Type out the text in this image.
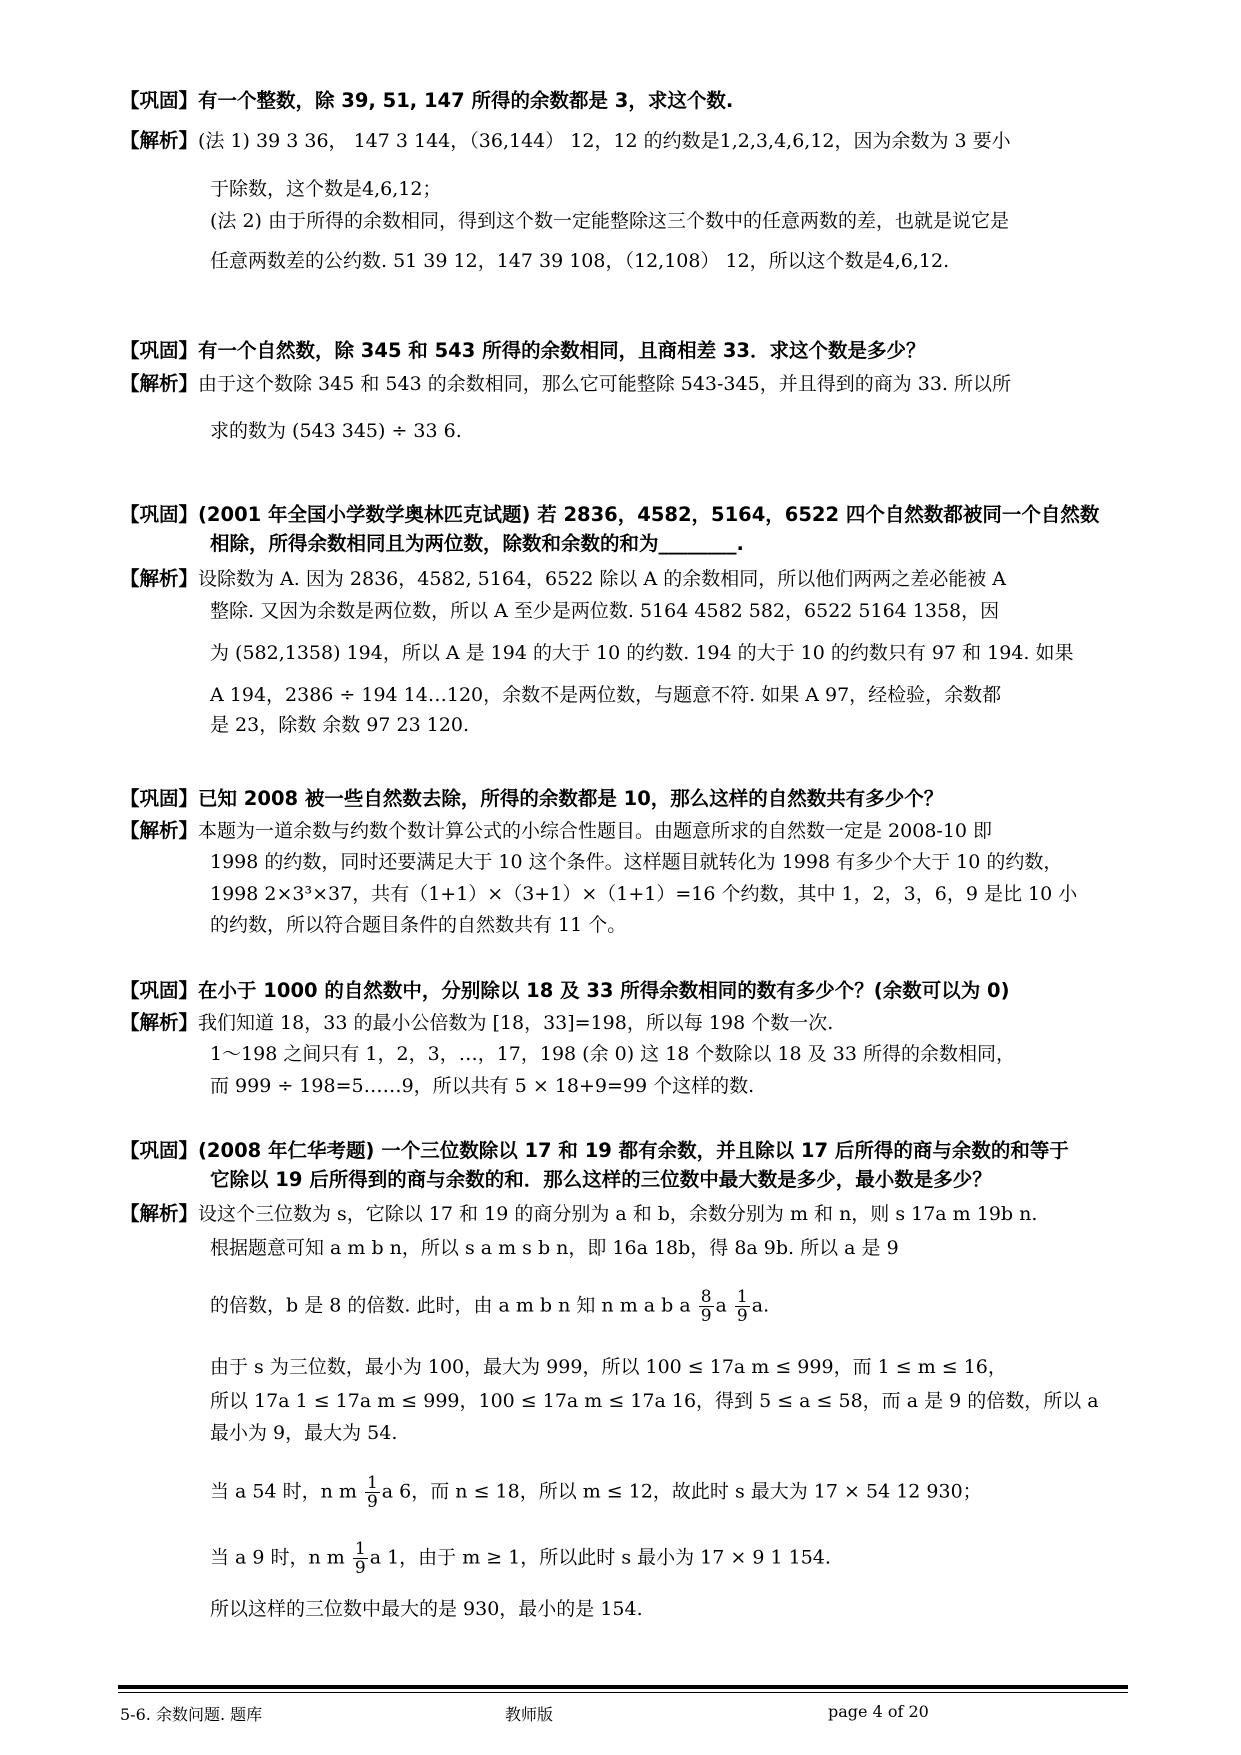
【巩固】有一个整数，除 39, 51, 147 所得的余数都是 3，求这个数.
【解析】(法 1) 39 3 36， 147 3 144，（36,144） 12，12 的约数是1,2,3,4,6,12，因为余数为 3 要小
于除数，这个数是4,6,12；
(法 2) 由于所得的余数相同，得到这个数一定能整除这三个数中的任意两数的差，也就是说它是
任意两数差的公约数. 51 39 12，147 39 108，（12,108） 12，所以这个数是4,6,12.
【巩固】有一个自然数，除 345 和 543 所得的余数相同，且商相差 33．求这个数是多少？
【解析】由于这个数除 345 和 543 的余数相同，那么它可能整除 543-345，并且得到的商为 33. 所以所
求的数为 (543 345) ÷ 33 6.
【巩固】(2001 年全国小学数学奥林匹克试题) 若 2836，4582，5164，6522 四个自然数都被同一个自然数
相除，所得余数相同且为两位数，除数和余数的和为________.
【解析】设除数为 A. 因为 2836，4582, 5164，6522 除以 A 的余数相同，所以他们两两之差必能被 A
整除. 又因为余数是两位数，所以 A 至少是两位数. 5164 4582 582，6522 5164 1358，因
为 (582,1358) 194，所以 A 是 194 的大于 10 的约数. 194 的大于 10 的约数只有 97 和 194. 如果
A 194，2386 ÷ 194 14…120，余数不是两位数，与题意不符. 如果 A 97，经检验，余数都
是 23，除数 余数 97 23 120.
【巩固】已知 2008 被一些自然数去除，所得的余数都是 10，那么这样的自然数共有多少个？
【解析】本题为一道余数与约数个数计算公式的小综合性题目。由题意所求的自然数一定是 2008-10 即
1998 的约数，同时还要满足大于 10 这个条件。这样题目就转化为 1998 有多少个大于 10 的约数，
1998 2×3³×37，共有（1+1）×（3+1）×（1+1）=16 个约数，其中 1，2，3，6，9 是比 10 小
的约数，所以符合题目条件的自然数共有 11 个。
【巩固】在小于 1000 的自然数中，分别除以 18 及 33 所得余数相同的数有多少个？(余数可以为 0)
【解析】我们知道 18，33 的最小公倍数为 [18，33]=198，所以每 198 个数一次.
1～198 之间只有 1，2，3，…，17，198 (余 0) 这 18 个数除以 18 及 33 所得的余数相同，
而 999 ÷ 198=5……9，所以共有 5 × 18+9=99 个这样的数.
【巩固】(2008 年仁华考题) 一个三位数除以 17 和 19 都有余数，并且除以 17 后所得的商与余数的和等于
它除以 19 后所得到的商与余数的和．那么这样的三位数中最大数是多少，最小数是多少？
【解析】设这个三位数为 s，它除以 17 和 19 的商分别为 a 和 b，余数分别为 m 和 n，则 s 17a m 19b n.
根据题意可知 a m b n，所以 s a m s b n，即 16a 18b，得 8a 9b. 所以 a 是 9
的倍数，b 是 8 的倍数. 此时，由 a m b n 知 n m a b a $\frac{8}{9}$ a $\frac{1}{9} a$.
由于 s 为三位数，最小为 100，最大为 999，所以 100 ≤ 17a m ≤ 999，而 1 ≤ m ≤ 16，
所以 17a 1 ≤ 17a m ≤ 999，100 ≤ 17a m ≤ 17a 16，得到 5 ≤ a ≤ 58，而 a 是 9 的倍数，所以 a
最小为 9，最大为 54.
当 a 54 时，n m $\frac{1}{9}$ a 6，而 n ≤ 18，所以 m ≤ 12，故此时 s 最大为 17 × 54 12 930；
当 a 9 时，n m $\frac{1}{9}$ a 1，由于 m ≥ 1，所以此时 s 最小为 17 × 9 1 154.
所以这样的三位数中最大的是 930，最小的是 154.
5-6. 余数问题. 题库	教师版	page 4 of 20
